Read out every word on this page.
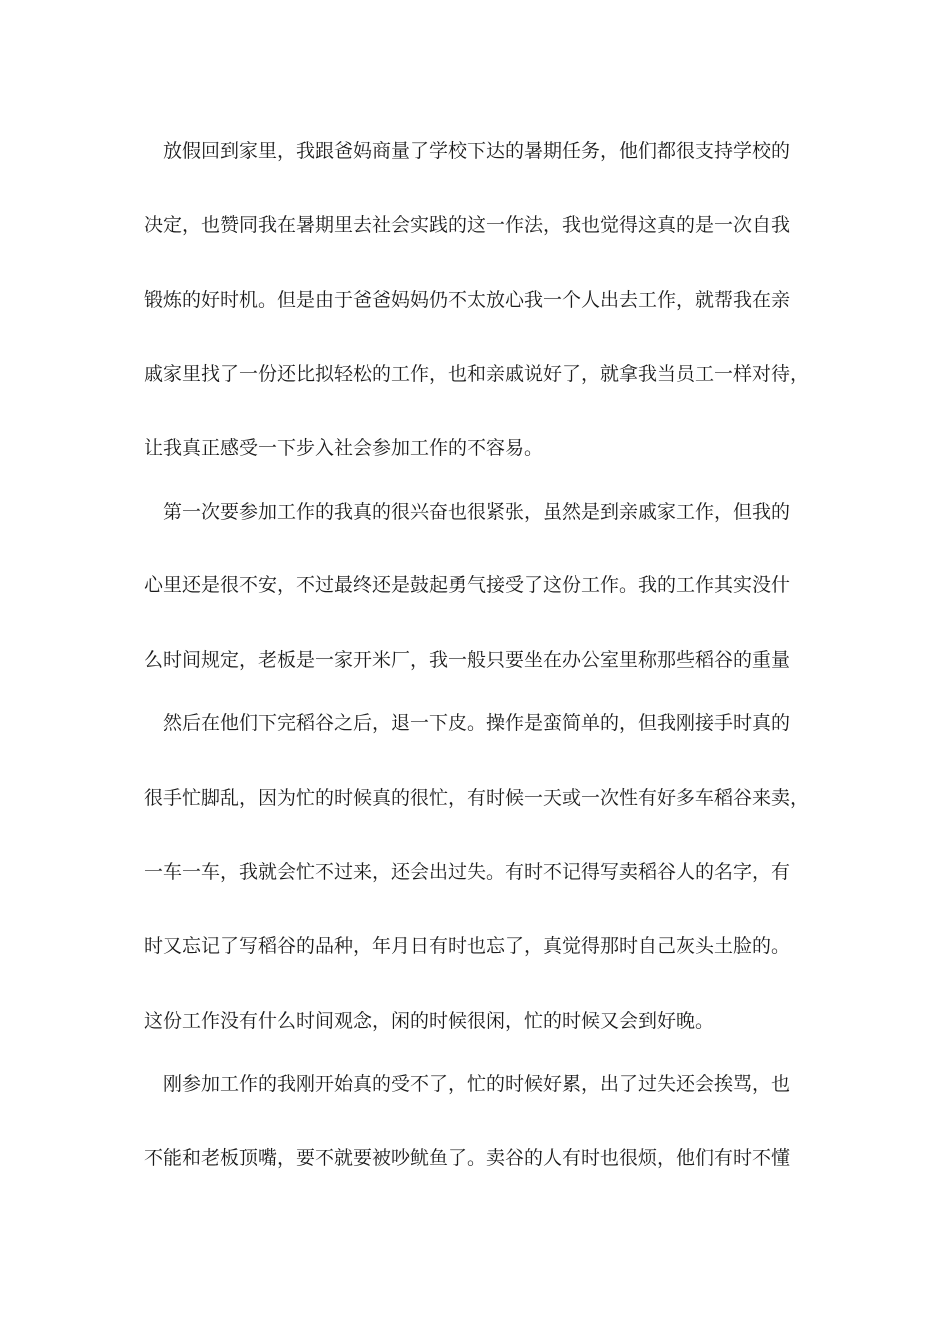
放假回到家里，我跟爸妈商量了学校下达的暑期任务，他们都很支持学校的
决定，也赞同我在暑期里去社会实践的这一作法，我也觉得这真的是一次自我
锻炼的好时机。但是由于爸爸妈妈仍不太放心我一个人出去工作，就帮我在亲
戚家里找了一份还比拟轻松的工作，也和亲戚说好了，就拿我当员工一样对待，
让我真正感受一下步入社会参加工作的不容易。
第一次要参加工作的我真的很兴奋也很紧张，虽然是到亲戚家工作，但我的
心里还是很不安，不过最终还是鼓起勇气接受了这份工作。我的工作其实没什
么时间规定，老板是一家开米厂，我一般只要坐在办公室里称那些稻谷的重量
然后在他们下完稻谷之后，退一下皮。操作是蛮简单的，但我刚接手时真的
很手忙脚乱，因为忙的时候真的很忙，有时候一天或一次性有好多车稻谷来卖，
一车一车，我就会忙不过来，还会出过失。有时不记得写卖稻谷人的名字，有
时又忘记了写稻谷的品种，年月日有时也忘了，真觉得那时自己灰头土脸的。
这份工作没有什么时间观念，闲的时候很闲，忙的时候又会到好晚。
刚参加工作的我刚开始真的受不了，忙的时候好累，出了过失还会挨骂，也
不能和老板顶嘴，要不就要被吵鱿鱼了。卖谷的人有时也很烦，他们有时不懂
